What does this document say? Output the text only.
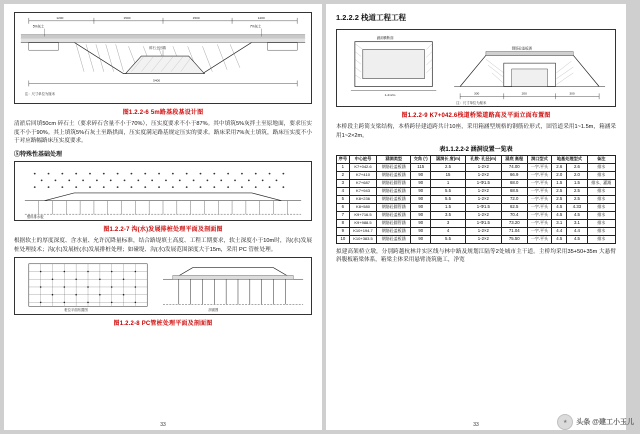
1200	1500	1500	1200
5%灰土	7%灰土
碎石土回填
5400
注：尺寸单位为厘米
图1.2.2-6 5m路基段基设计图

清淤后回填50cm 碎石土（要求碎石含量不小于70%），压实度要求不小于87%。其中填筑5%灰拌土至原地面，要求压实度不小于90%。其上填筑5%石灰土至路拱面，压实度满足路基规定压实的要求。路床采用7%灰土填筑，路床压实度不小于对应路幅路床压实度要求。

⑤特殊性基础处理

塑料排水板
图1.2.2-7 沟(水)发展排桩处理平面及剖面图

根据软土的厚度深度、含水量、允许沉降量标准，结合路堤填土高度、工程工期要求，软土深度小于10m时，沟(水)发展桩处理技术；沟(水)发展桩(水)发展排桩处理；如碰堤、沟(水)发展范围深度大于15m，采用 PC 管桩处理。

桩位平面布置图	剖面图
图1.2.2-8 PC管桩处理平面及剖面图
33
1.2.2.2 栈道工程工程
1-2×2m
涵洞横断面
300	200	300
钢筋砼盖板涵
注：尺寸单位为厘米
图1.2.2-9 K7+042.6栈道桥梁道路高及平面立面布置图

本桥段主跨简支梁结构，本桥跨径建道跨共计10座，采用箱涵型规格的钢筋砼形式，固管道采用1~1.5m，箱涵采用1~2×2m。

表1.1.2.2-2 涵洞设置一览表
序号	中心桩号	涵洞类型	交角 (°)	涵洞长 度(m)	孔数- 孔径(m)	涵底 高程	洞口型式	地基处理型式		备注
1	K7+042.6	钢筋砼盖板涵	115	2.5	1-2×2	74.00	一字-平头	2.6	2.6	排水
2	K7+410	钢筋砼盖板涵	90	15	1-2×2	66.9	一字-平头	2.0	2.0	排水
3	K7+687	钢筋砼圆管涵	90	1	1-Φ1.5	68.0	一字-平头	1.5	1.5	排水、灌溉
4	K7+943	钢筋砼盖板涵	90	5.5	1-2×2	68.5	一字-平头	2.5	2.5	排水
5	K8+236	钢筋砼盖板涵	90	5.5	1-2×2	72.0	一字-平头	2.5	2.5	排水
6	K8+580	钢筋砼圆管涵	90	1.5	1-Φ1.5	62.5	一字-平头	4.5	4.33	排水
7	K9+716.5	钢筋砼盖板涵	90	3.5	1-2×2	70.4	一字-平头	4.5	4.5	排水
8	K9+988.5	钢筋砼圆管涵	90	3	1-Φ1.5	73.20	一字-平头	3.1	3.1	排水
9	K10+194.7	钢筋砼盖板涵	90	4	1-2×2	71.04	一字-平头	4.4	4.4	排水
10	K10+383.5	钢筋砼盖板涵	90	5.5	1-2×2	75.50	一字-平头	4.5	4.5	排水

拟建高架桥立墩，分别跨越杭林并实区线与林中路及规划江陆等2处城市主干道。主桥均采用35+50+35m 大悬臂斜腹板箱梁体系，箱梁主体采用悬臂浇筑施工，净宽

33	★	头条 @建工小玉儿
